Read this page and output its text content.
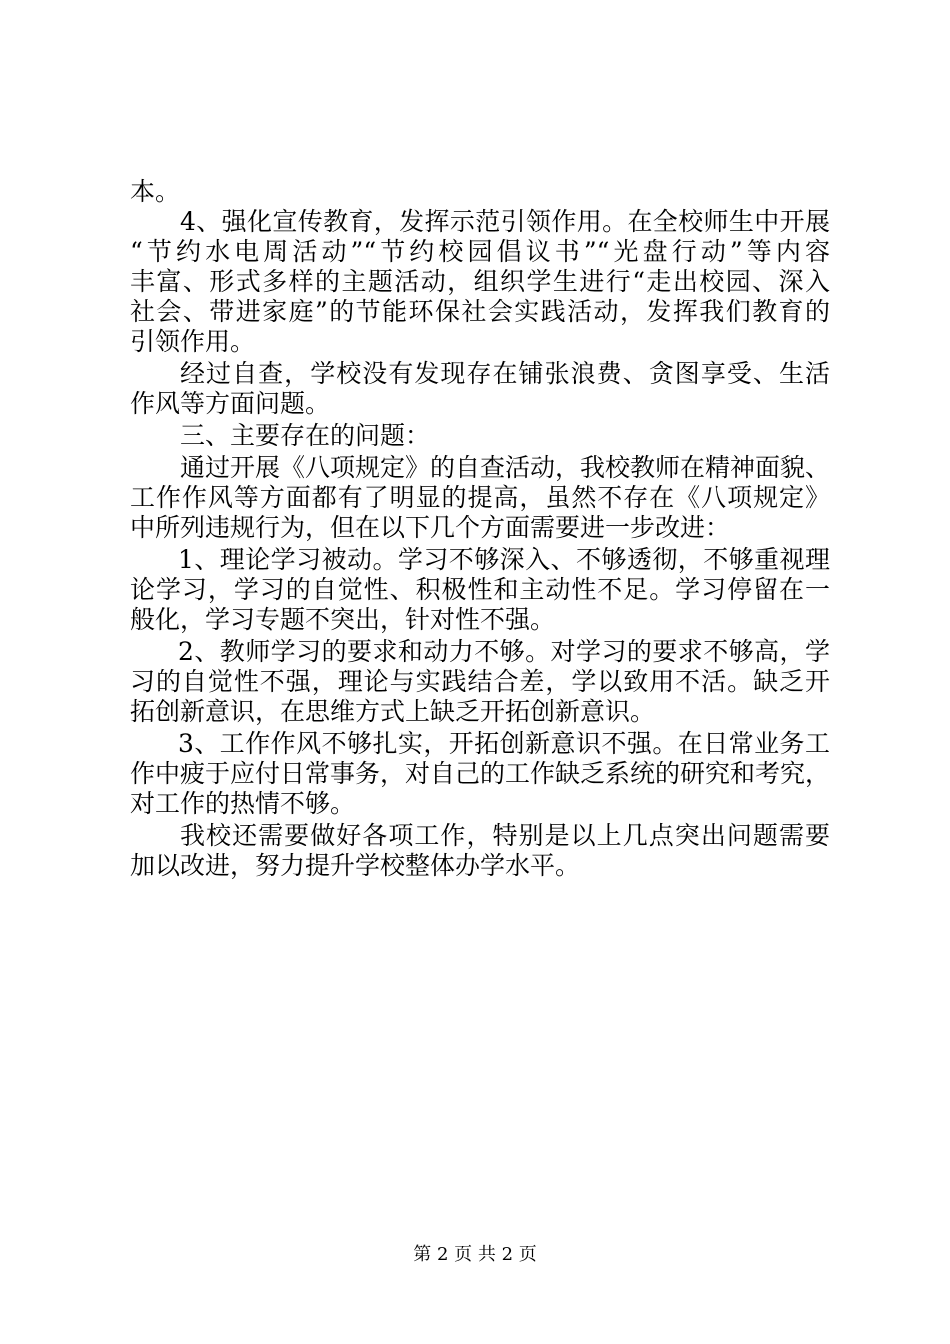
本。
4、强化宣传教育，发挥示范引领作用。在全校师生中开展
“节约水电周活动”“节约校园倡议书”“光盘行动”等内容
丰富、形式多样的主题活动，组织学生进行“走出校园、深入
社会、带进家庭”的节能环保社会实践活动，发挥我们教育的
引领作用。
经过自查，学校没有发现存在铺张浪费、贪图享受、生活
作风等方面问题。
三、主要存在的问题：
通过开展《八项规定》的自查活动，我校教师在精神面貌、
工作作风等方面都有了明显的提高，虽然不存在《八项规定》
中所列违规行为，但在以下几个方面需要进一步改进：
1、理论学习被动。学习不够深入、不够透彻，不够重视理
论学习，学习的自觉性、积极性和主动性不足。学习停留在一
般化，学习专题不突出，针对性不强。
2、教师学习的要求和动力不够。对学习的要求不够高，学
习的自觉性不强，理论与实践结合差，学以致用不活。缺乏开
拓创新意识，在思维方式上缺乏开拓创新意识。
3、工作作风不够扎实，开拓创新意识不强。在日常业务工
作中疲于应付日常事务，对自己的工作缺乏系统的研究和考究，
对工作的热情不够。
我校还需要做好各项工作，特别是以上几点突出问题需要
加以改进，努力提升学校整体办学水平。
第 2 页 共 2 页
